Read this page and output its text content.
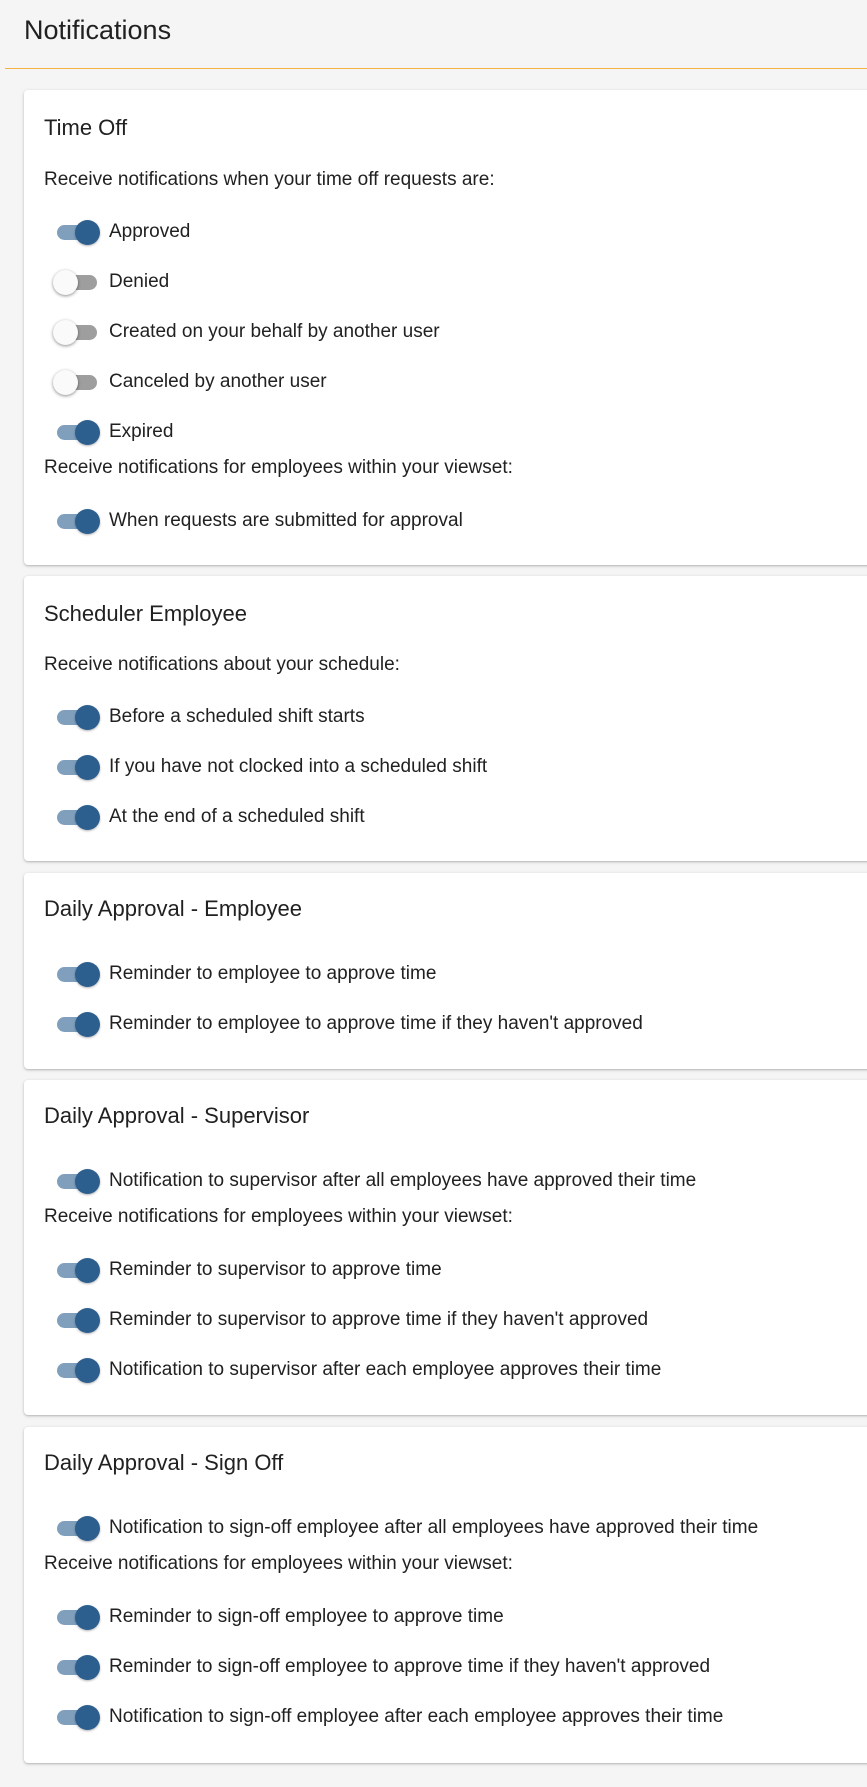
Notifications
Time Off
Receive notifications when your time off requests are:
Approved
Denied
Created on your behalf by another user
Canceled by another user
Expired
Receive notifications for employees within your viewset:
When requests are submitted for approval
Scheduler Employee
Receive notifications about your schedule:
Before a scheduled shift starts
If you have not clocked into a scheduled shift
At the end of a scheduled shift
Daily Approval - Employee
Reminder to employee to approve time
Reminder to employee to approve time if they haven't approved
Daily Approval - Supervisor
Notification to supervisor after all employees have approved their time
Receive notifications for employees within your viewset:
Reminder to supervisor to approve time
Reminder to supervisor to approve time if they haven't approved
Notification to supervisor after each employee approves their time
Daily Approval - Sign Off
Notification to sign-off employee after all employees have approved their time
Receive notifications for employees within your viewset:
Reminder to sign-off employee to approve time
Reminder to sign-off employee to approve time if they haven't approved
Notification to sign-off employee after each employee approves their time
